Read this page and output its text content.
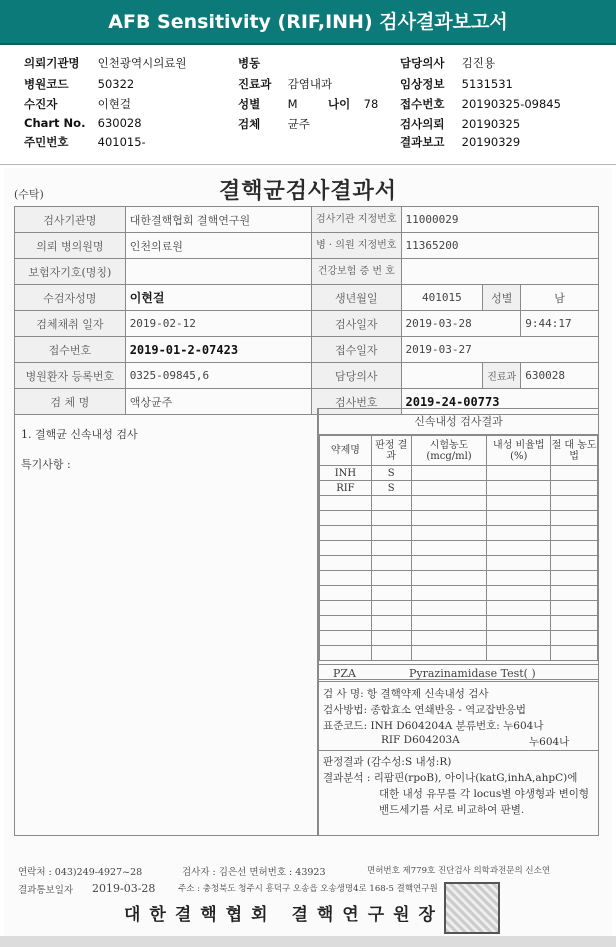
AFB Sensitivity (RIF,INH) 검사결과보고서
의뢰기관명 인천광역시의료원
병원코드	50322
수진자	이현걸
Chart No. 630028
주민번호	401015-
병동
진료과 감염내과
성별 M	나이 78
검체 균주
담당의사 김진용
임상정보 5131531
접수번호 20190325-09845
검사의뢰 20190325
결과보고 20190329
(수탁)	결핵균검사결과서
검사기관명	대한결핵협회 결핵연구원	검사기관 지정번호	11000029		
의뢰 병의원명	인천의료원	병 · 의원 지정번호	11365200		
보험자기호(명칭)		건강보험 증 번 호			
수검자성명	이현걸	생년월일	401015	성별	남
검체채취 일자	2019-02-12	검사일자	2019-03-28		9:44:17
접수번호	2019-01-2-07423	접수일자	2019-03-27		
병원환자 등록번호	0325-09845,6	담당의사		진료과	630028
검 체 명	액상균주	검사번호	2019-24-00773		
1. 결핵균 신속내성 검사
특기사항 :
신속내성 검사결과
약제명	판정 결과	시험농도 (mcg/ml)	내성 비율법(%)	절 대 농도법
INH	S			
RIF	S			

PZA	Pyrazinamidase Test( )
검 사 명: 항 결핵약제 신속내성 검사
검사방법: 종합효소 연쇄반응 - 역교잡반응법
표준코드: INH D604204A 분류번호: 누604나
RIF D604203A	누604나
판정결과 (감수성:S 내성:R)
결과분석 : 리팜핀(rpoB), 아이나(katG,inhA,ahpC)에
대한 내성 유무를 각 locus별 야생형과 변이형
밴드세기를 서로 비교하여 판별.
연락처 : 043)249-4927~28	검사자 : 김은선 면허번호 : 43923	면허번호 제779호 진단검사 의학과전문의 신소연
결과통보일자 2019-03-28	주소 : 충청북도 청주시 흥덕구 오송읍 오송생명4로 168-5 결핵연구원
대한결핵협회 결핵연구원장
